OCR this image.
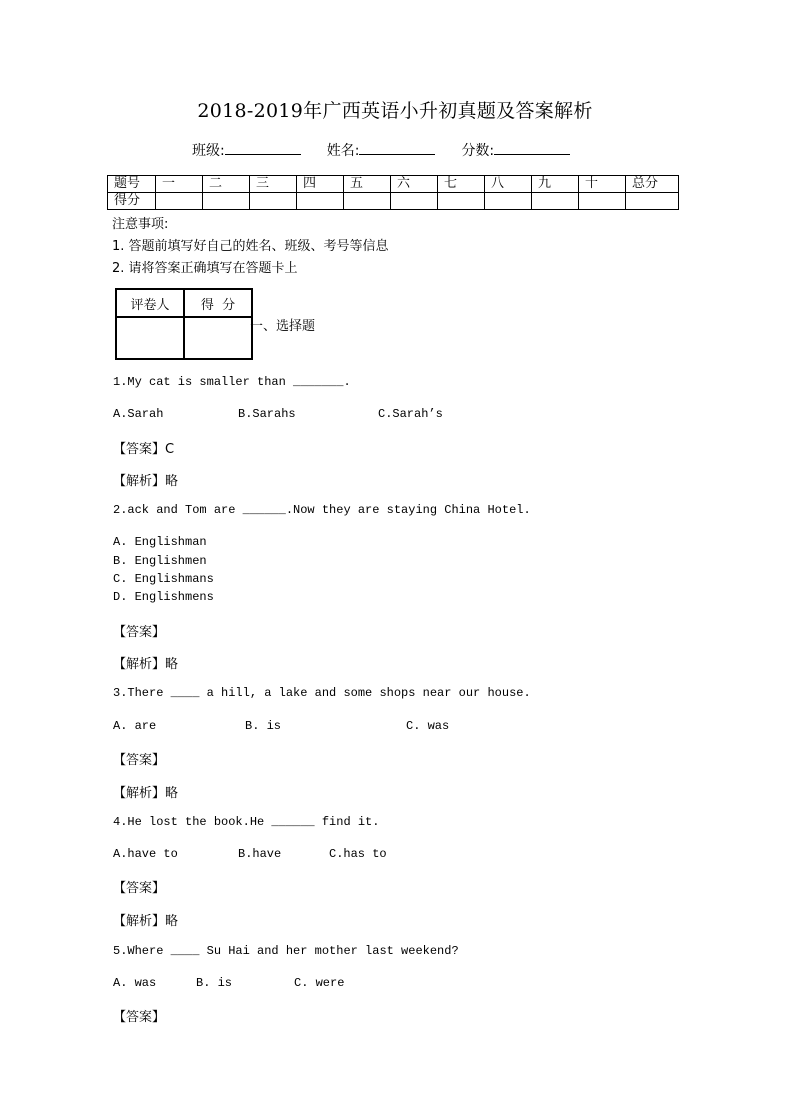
2018-2019年广西英语小升初真题及答案解析
班级:	姓名:	分数:
题号	一	二	三	四	五	六	七	八	九	十	总分
得分											
注意事项:
1. 答题前填写好自己的姓名、班级、考号等信息
2. 请将答案正确填写在答题卡上
评卷人	得  分

一、选择题
1.My cat is smaller than _______.
A.Sarah	B.Sarahs	C.Sarah’s
【答案】C
【解析】略
2.ack and Tom are ______.Now they are staying China Hotel.
A. Englishman
B. Englishmen
C. Englishmans
D. Englishmens
【答案】
【解析】略
3.There ____ a hill, a lake and some shops near our house.
A. are	B. is	C. was
【答案】
【解析】略
4.He lost the book.He ______ find it.
A.have to	B.have	C.has to
【答案】
【解析】略
5.Where ____ Su Hai and her mother last weekend?
A. was	B. is	C. were
【答案】
